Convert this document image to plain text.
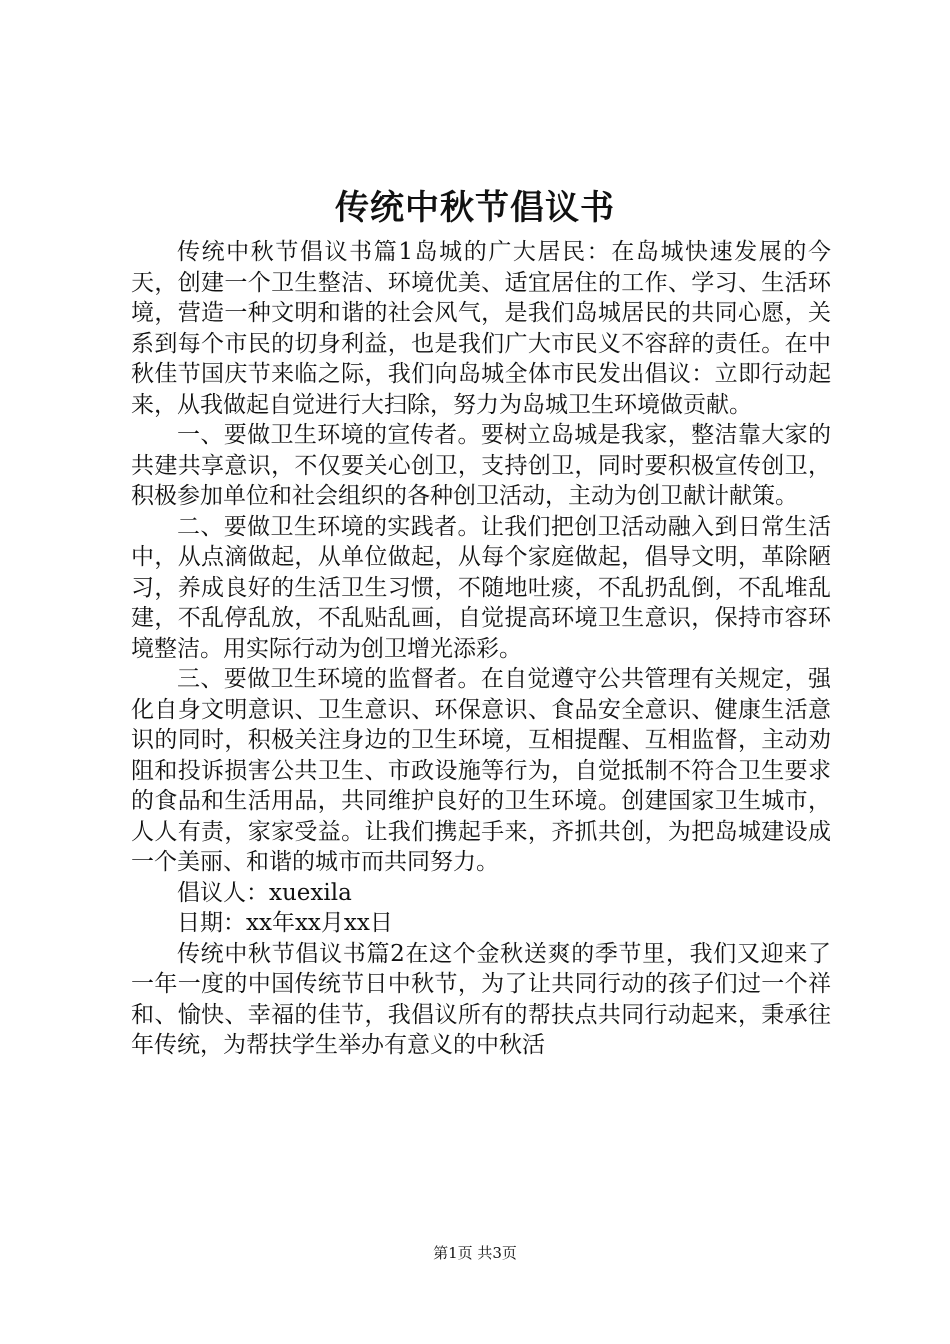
传统中秋节倡议书

传统中秋节倡议书篇1岛城的广大居民：在岛城快速发展的今天，创建一个卫生整洁、环境优美、适宜居住的工作、学习、生活环境，营造一种文明和谐的社会风气，是我们岛城居民的共同心愿，关系到每个市民的切身利益，也是我们广大市民义不容辞的责任。在中秋佳节国庆节来临之际，我们向岛城全体市民发出倡议：立即行动起来，从我做起自觉进行大扫除，努力为岛城卫生环境做贡献。

一、要做卫生环境的宣传者。要树立岛城是我家，整洁靠大家的共建共享意识，不仅要关心创卫，支持创卫，同时要积极宣传创卫，积极参加单位和社会组织的各种创卫活动，主动为创卫献计献策。

二、要做卫生环境的实践者。让我们把创卫活动融入到日常生活中，从点滴做起，从单位做起，从每个家庭做起，倡导文明，革除陋习，养成良好的生活卫生习惯，不随地吐痰，不乱扔乱倒，不乱堆乱建，不乱停乱放，不乱贴乱画，自觉提高环境卫生意识，保持市容环境整洁。用实际行动为创卫增光添彩。

三、要做卫生环境的监督者。在自觉遵守公共管理有关规定，强化自身文明意识、卫生意识、环保意识、食品安全意识、健康生活意识的同时，积极关注身边的卫生环境，互相提醒、互相监督，主动劝阻和投诉损害公共卫生、市政设施等行为，自觉抵制不符合卫生要求的食品和生活用品，共同维护良好的卫生环境。创建国家卫生城市，人人有责，家家受益。让我们携起手来，齐抓共创，为把岛城建设成一个美丽、和谐的城市而共同努力。

倡议人：xuexila

日期：xx年xx月xx日

传统中秋节倡议书篇2在这个金秋送爽的季节里，我们又迎来了一年一度的中国传统节日中秋节，为了让共同行动的孩子们过一个祥和、愉快、幸福的佳节，我倡议所有的帮扶点共同行动起来，秉承往年传统，为帮扶学生举办有意义的中秋活

第1页 共3页
